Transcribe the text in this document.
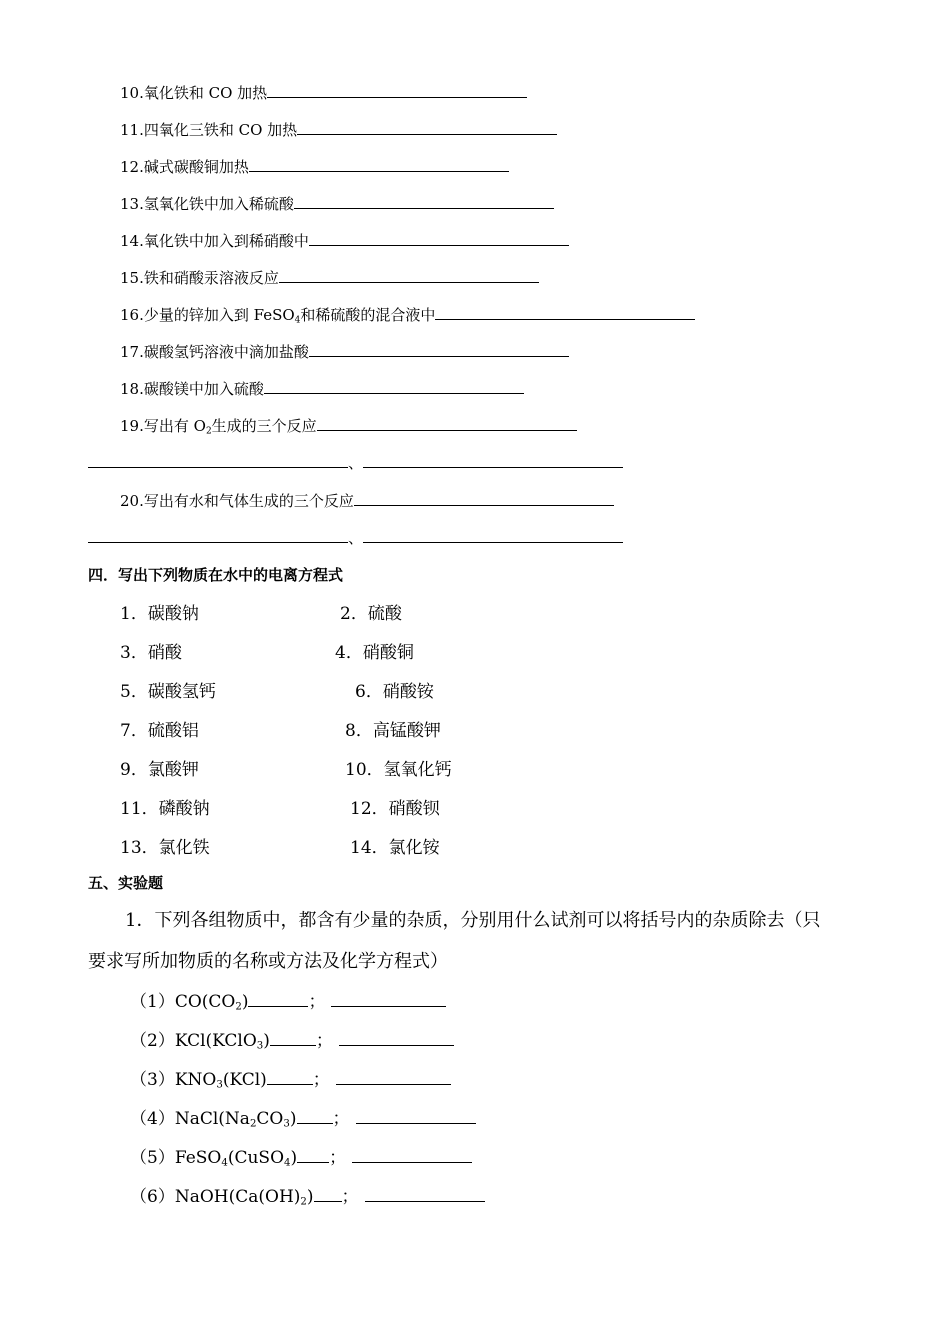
10.氧化铁和 CO 加热
11.四氧化三铁和 CO 加热
12.碱式碳酸铜加热
13.氢氧化铁中加入稀硫酸
14.氧化铁中加入到稀硝酸中
15.铁和硝酸汞溶液反应
16.少量的锌加入到 FeSO$_4$和稀硫酸的混合液中
17.碳酸氢钙溶液中滴加盐酸
18.碳酸镁中加入硫酸
19.写出有 $O_2$生成的三个反应
、
20.写出有水和气体生成的三个反应
、
四．写出下列物质在水中的电离方程式
1．碳酸钠	2．硫酸
3．硝酸	4．硝酸铜
5．碳酸氢钙	6．硝酸铵
7．硫酸铝	8．高锰酸钾
9．氯酸钾	10．氢氧化钙
11．磷酸钠	12．硝酸钡
13．氯化铁	14．氯化铵
五、实验题
1．下列各组物质中，都含有少量的杂质，分别用什么试剂可以将括号内的杂质除去（只
要求写所加物质的名称或方法及化学方程式）
$(1)CO(CO_2)$	；
（2）KCl(KClO$_3$)	；
$(3)KNO_3(KCl)$	；
$(4)NaCl(Na_2CO_3)$ ；
（5）FeSO$_4$(CuSO$_4$) ；
$(6)NaOH(Ca(OH)_2)$ ；
